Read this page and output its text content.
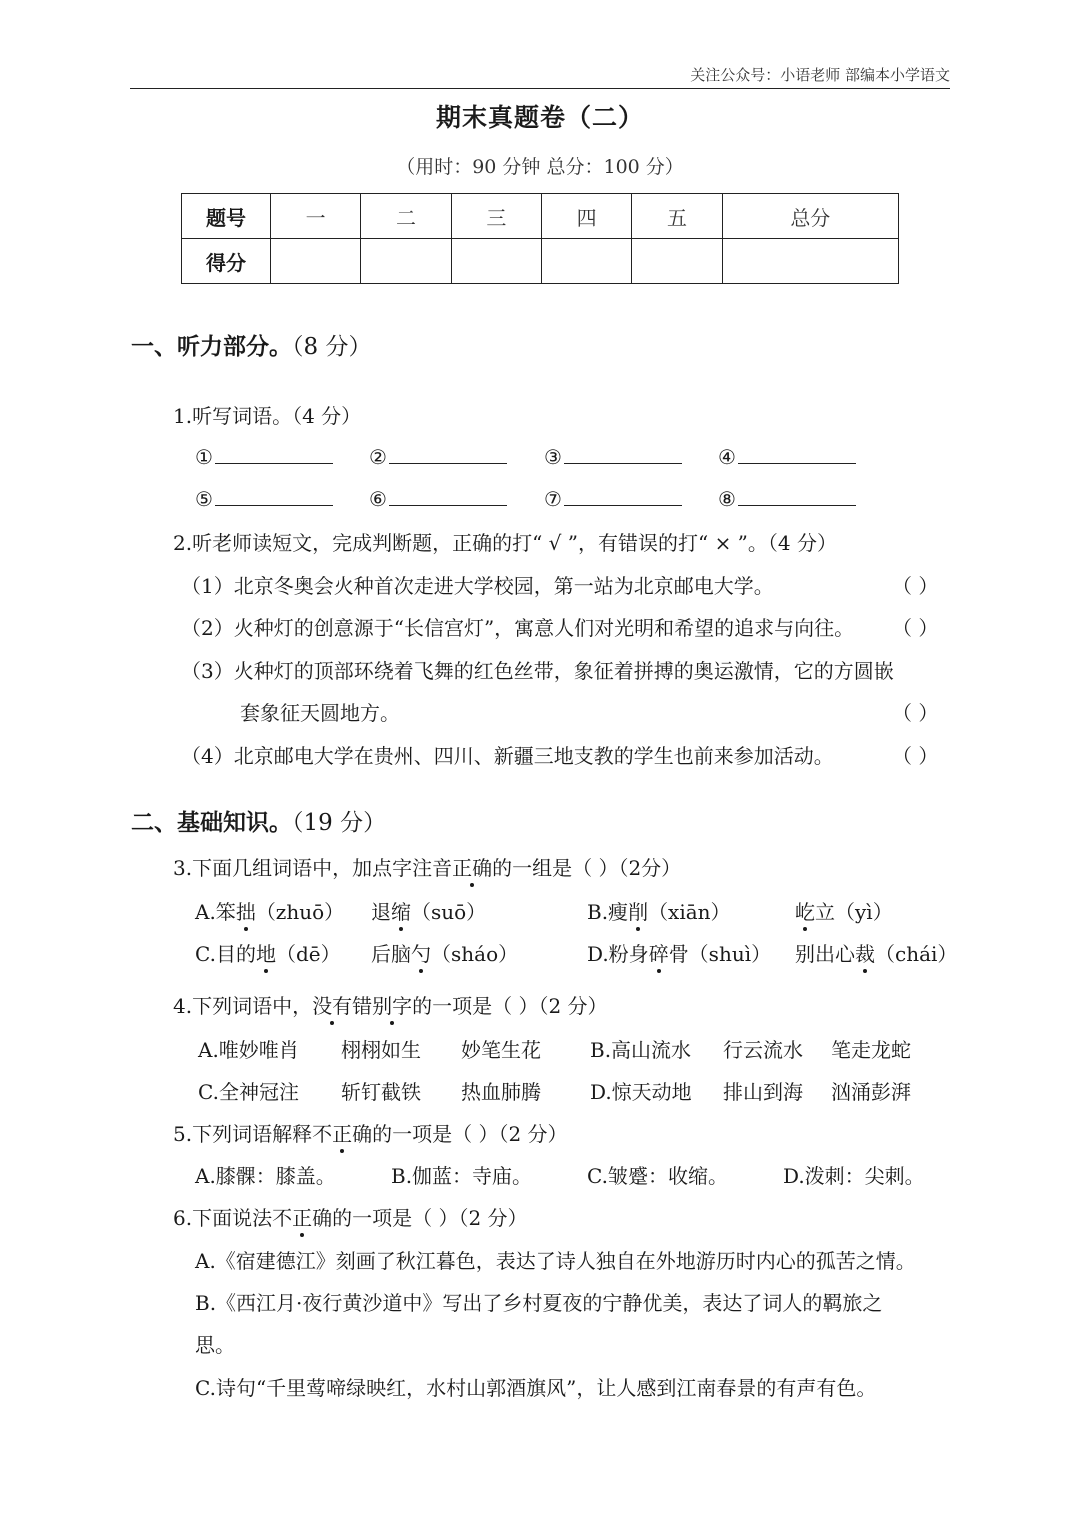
关注公众号：小语老师 部编本小学语文
期末真题卷（二）
（用时：90 分钟 总分：100 分）
题号	一	二	三	四	五	总分
得分						
一、听力部分。（8 分）
1.听写词语。（4 分）
①	②	③	④
⑤	⑥	⑦	⑧
2.听老师读短文，完成判断题，正确的打“ √ ”，有错误的打“ × ”。（4 分）
（1）北京冬奥会火种首次走进大学校园，第一站为北京邮电大学。	（ ）
（2）火种灯的创意源于“长信宫灯”，寓意人们对光明和希望的追求与向往。 （ ）
（3）火种灯的顶部环绕着飞舞的红色丝带，象征着拼搏的奥运激情，它的方圆嵌
套象征天圆地方。	（ ）
（4）北京邮电大学在贵州、四川、新疆三地支教的学生也前来参加活动。	（ ）
二、基础知识。（19 分）
3.下面几组词语中，加点字注音正确的一组是（ ）（2分）
A.笨拙（zhuō） 退缩（suō）	B.瘦削（xiān）	屹立（yì）
C.目的地（dē） 后脑勺（sháo）	D.粉身碎骨（shuì） 别出心裁（chái）
4.下列词语中，没有错别字的一项是（ ）（2 分）
A.唯妙唯肖 栩栩如生 妙笔生花 B.高山流水 行云流水 笔走龙蛇
C.全神冠注 斩钉截铁 热血肺腾 D.惊天动地 排山到海 汹涌彭湃
5.下列词语解释不正确的一项是（ ）（2 分）
A.膝髁：膝盖。	B.伽蓝：寺庙。	C.皱蹙：收缩。	D.泼刺：尖刺。
6.下面说法不正确的一项是（ ）（2 分）
A.《宿建德江》刻画了秋江暮色，表达了诗人独自在外地游历时内心的孤苦之情。
B.《西江月·夜行黄沙道中》写出了乡村夏夜的宁静优美，表达了词人的羁旅之
思。
C.诗句“千里莺啼绿映红，水村山郭酒旗风”，让人感到江南春景的有声有色。
